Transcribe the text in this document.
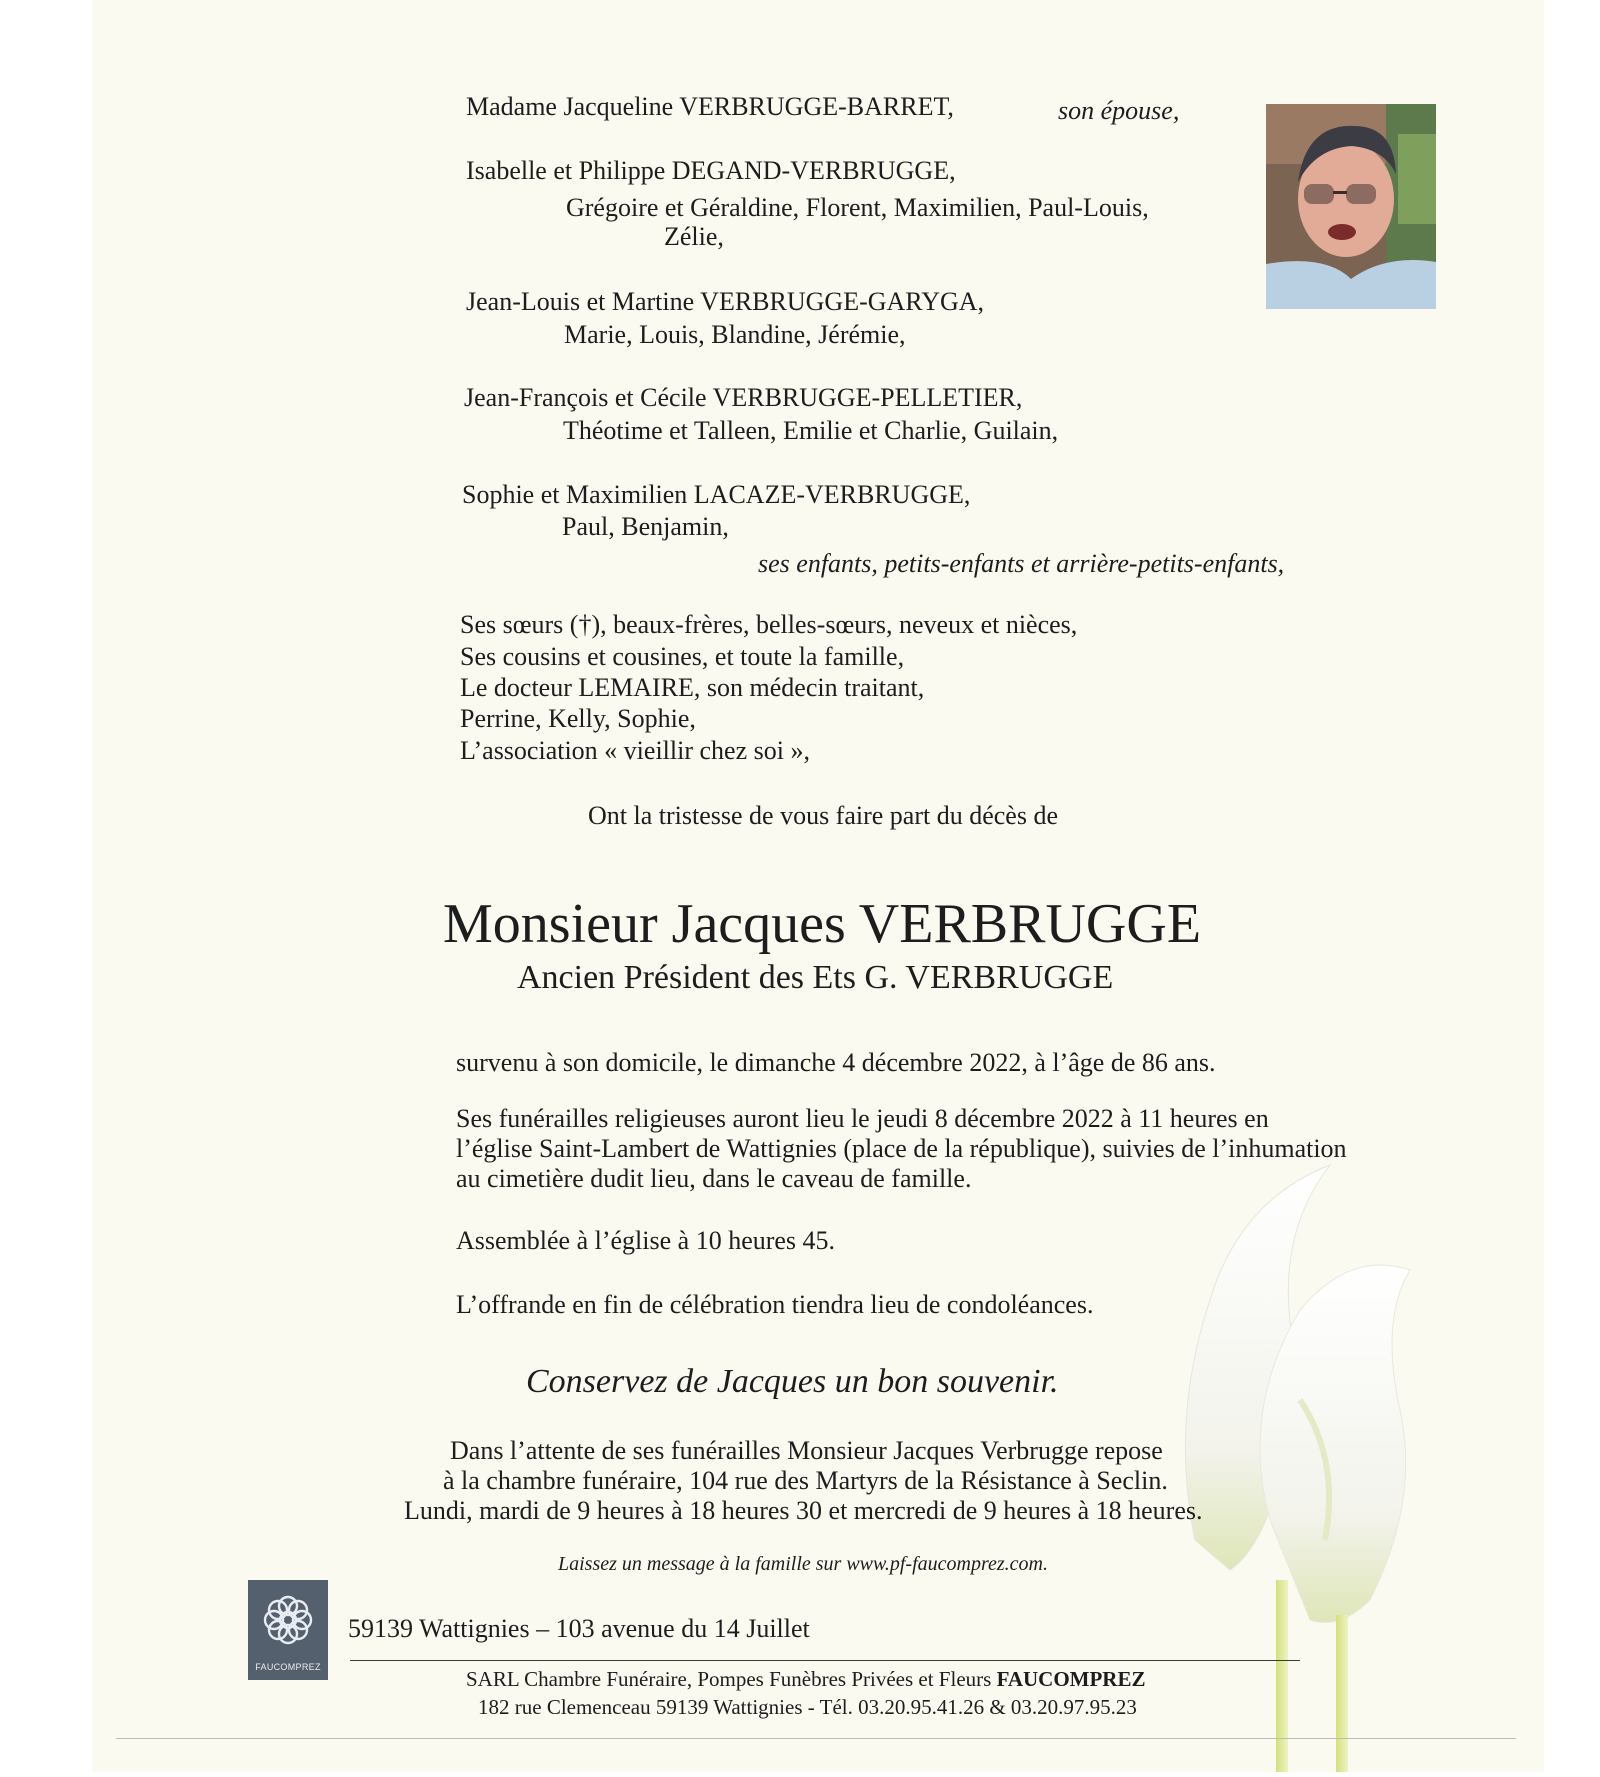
Madame Jacqueline VERBRUGGE-BARRET,	son épouse,
Isabelle et Philippe DEGAND-VERBRUGGE,
Grégoire et Géraldine, Florent, Maximilien, Paul-Louis,
Zélie,
Jean-Louis et Martine VERBRUGGE-GARYGA,
Marie, Louis, Blandine, Jérémie,
Jean-François et Cécile VERBRUGGE-PELLETIER,
Théotime et Talleen, Emilie et Charlie, Guilain,
Sophie et Maximilien LACAZE-VERBRUGGE,
Paul, Benjamin,
ses enfants, petits-enfants et arrière-petits-enfants,
Ses sœurs (†), beaux-frères, belles-sœurs, neveux et nièces,
Ses cousins et cousines, et toute la famille,
Le docteur LEMAIRE, son médecin traitant,
Perrine, Kelly, Sophie,
L’association « vieillir chez soi »,
Ont la tristesse de vous faire part du décès de
Monsieur Jacques VERBRUGGE
Ancien Président des Ets G. VERBRUGGE
survenu à son domicile, le dimanche 4 décembre 2022, à l’âge de 86 ans.
Ses funérailles religieuses auront lieu le jeudi 8 décembre 2022 à 11 heures en
l’église Saint-Lambert de Wattignies (place de la république), suivies de l’inhumation
au cimetière dudit lieu, dans le caveau de famille.
Assemblée à l’église à 10 heures 45.
L’offrande en fin de célébration tiendra lieu de condoléances.
Conservez de Jacques un bon souvenir.
Dans l’attente de ses funérailles Monsieur Jacques Verbrugge repose
à la chambre funéraire, 104 rue des Martyrs de la Résistance à Seclin.
Lundi, mardi de 9 heures à 18 heures 30 et mercredi de 9 heures à 18 heures.
Laissez un message à la famille sur www.pf-faucomprez.com.
FAUCOMPREZ
59139 Wattignies – 103 avenue du 14 Juillet
SARL Chambre Funéraire, Pompes Funèbres Privées et Fleurs FAUCOMPREZ
182 rue Clemenceau 59139 Wattignies - Tél. 03.20.95.41.26 & 03.20.97.95.23
